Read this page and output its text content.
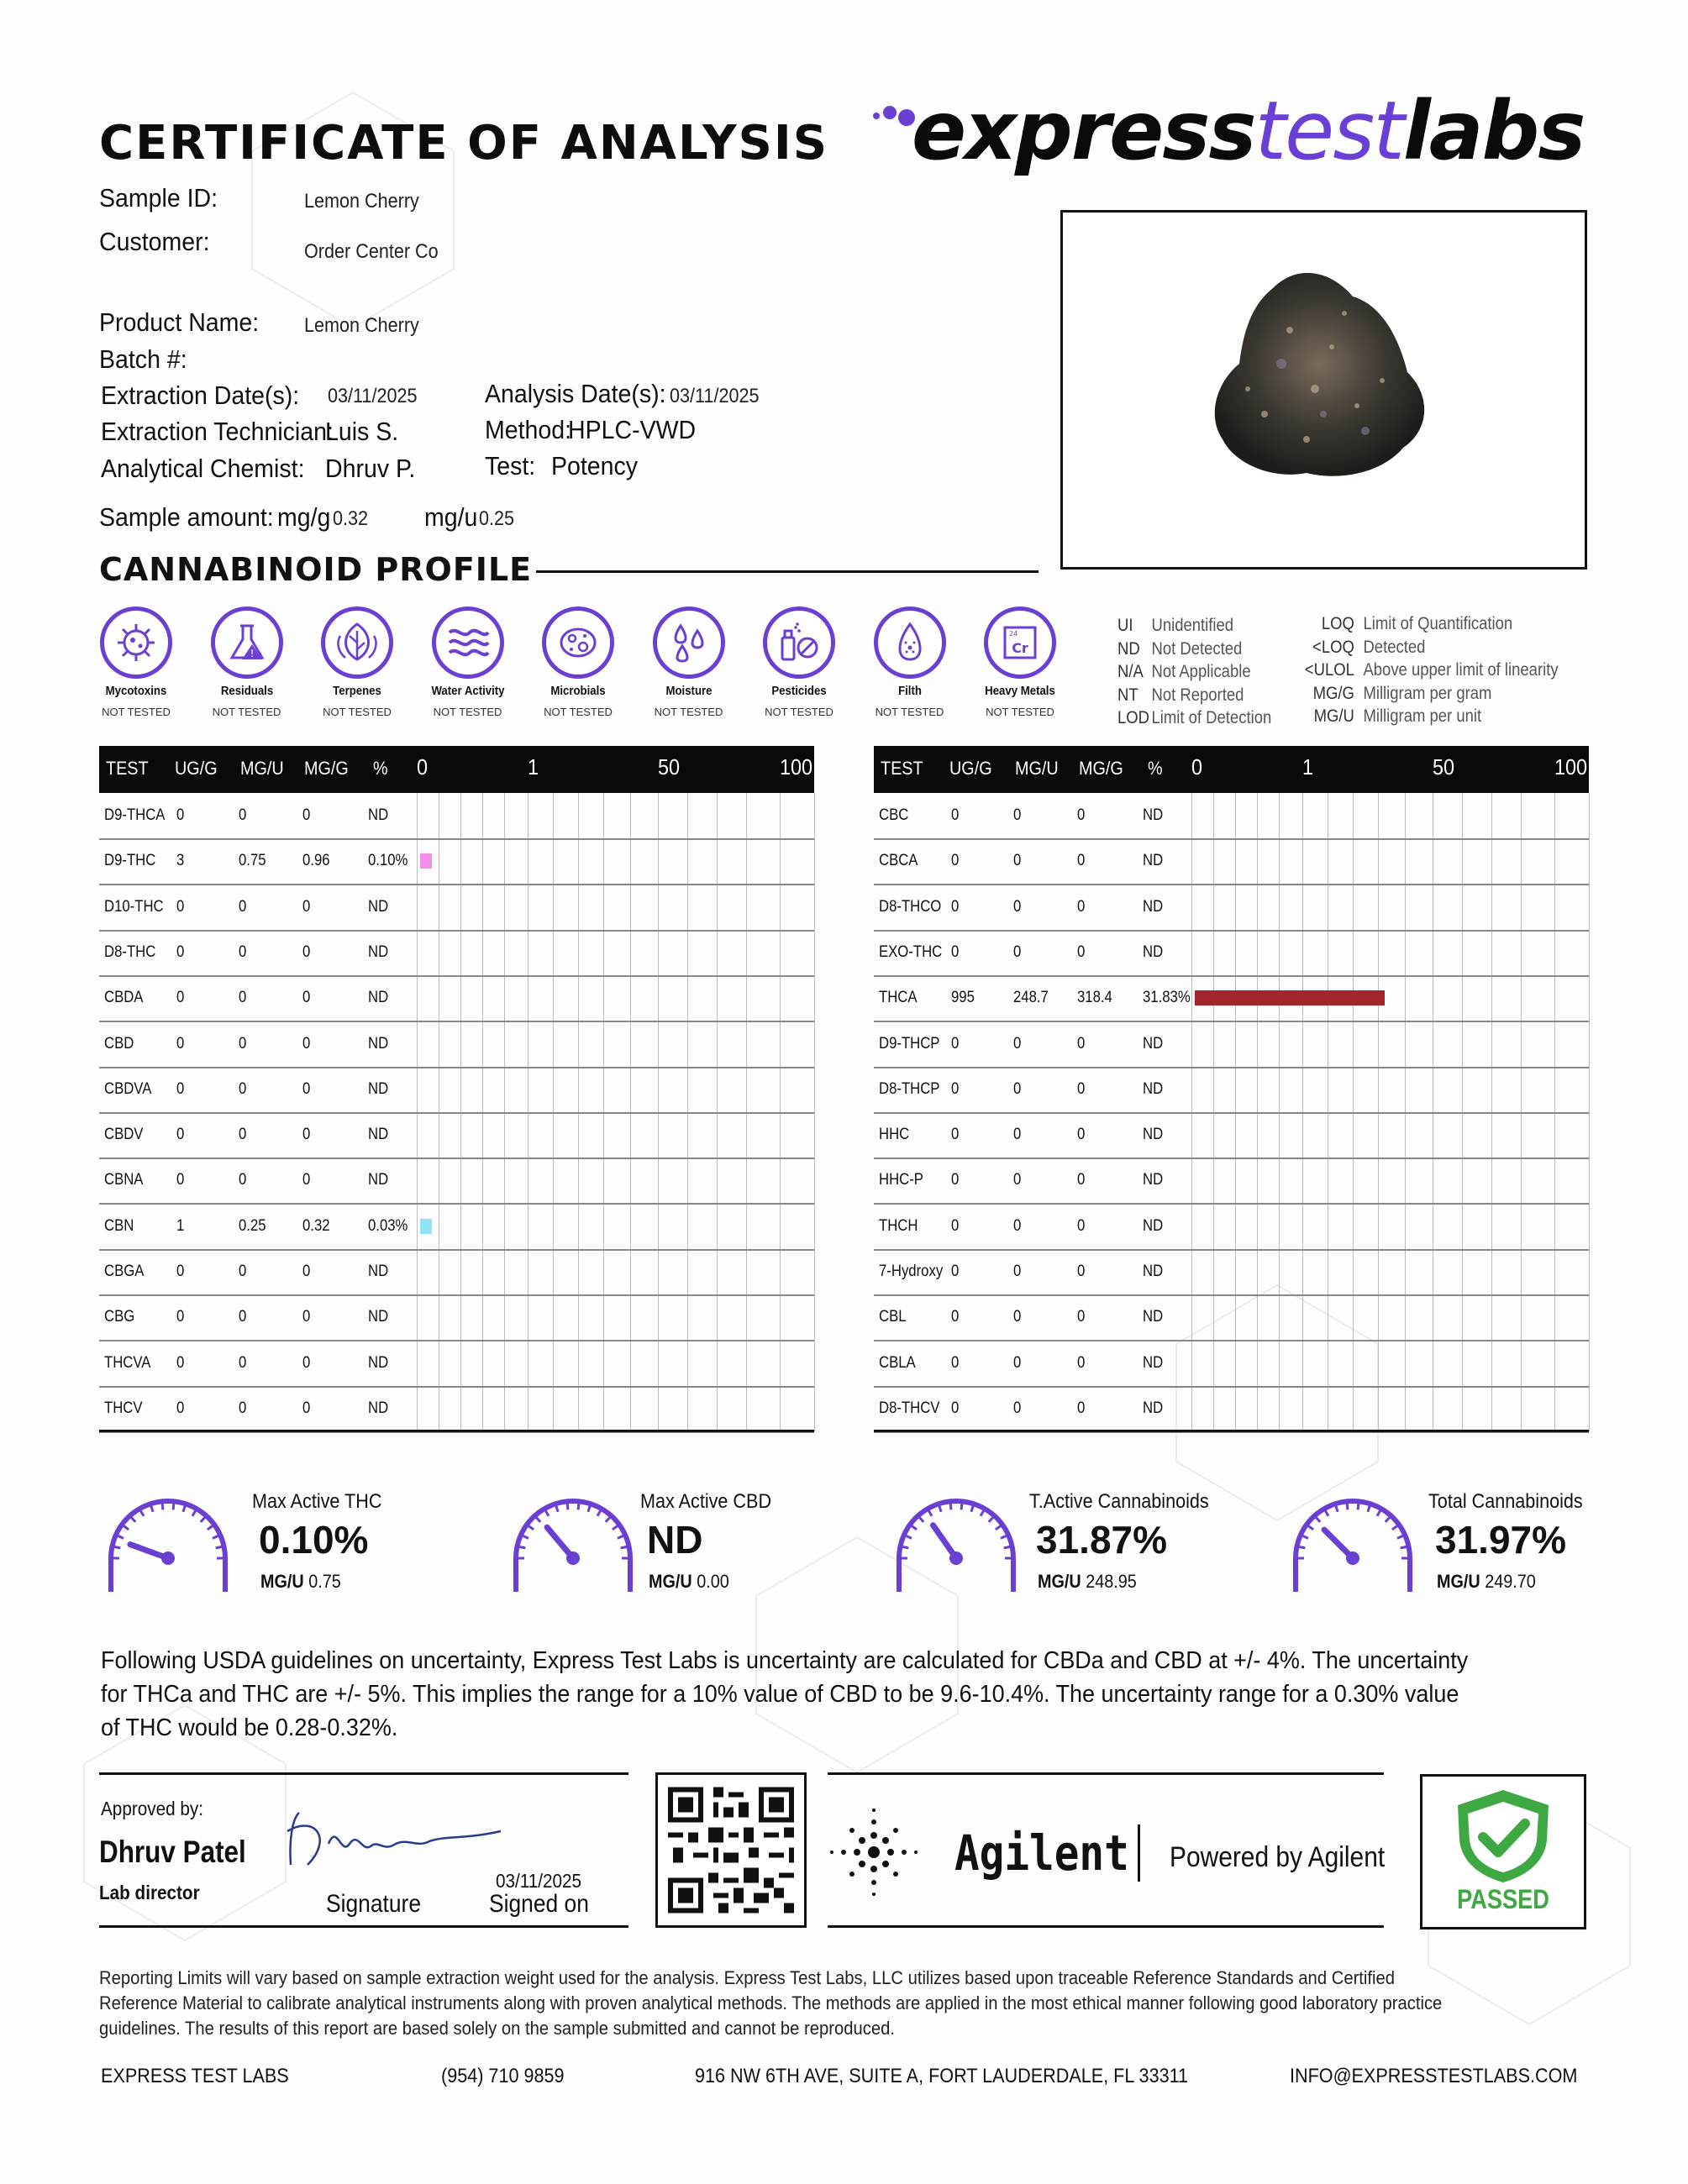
CERTIFICATE OF ANALYSIS expresstestlabs
Sample ID:	Lemon Cherry
Customer:	Order Center Co
Product Name: Lemon Cherry
Batch #:
Extraction Date(s): 03/11/2025	Analysis Date(s): 03/11/2025
Extraction Technician:
Luis S.	Method:
HPLC-VWD
Analytical Chemist: Dhruv P.	Test: Potency
Sample amount: mg/g 0.32 mg/u 0.25
CANNABINOID PROFILE
Mycotoxins
NOT TESTED
!
Residuals
NOT TESTED
Terpenes
NOT TESTED
Water Activity
NOT TESTED
Microbials
NOT TESTED
Moisture
NOT TESTED
Pesticides
NOT TESTED
Filth
NOT TESTED
24
Cr
Heavy Metals
NOT TESTED
UI Unidentified
ND Not Detected
N/A Not Applicable
NT Not Reported
LOD Limit of Detection
LOQ Limit of Quantification
<LOQ Detected
<ULOL Above upper limit of linearity
MG/G Milligram per gram
MG/U Milligram per unit
TEST UG/G MG/U MG/G % 0	1	50	100
D9-THCA 0	0	0	ND
D9-THC 3	0.75 0.96 0.10%
D10-THC 0	0	0	ND
D8-THC 0	0	0	ND
CBDA 0	0	0	ND
CBD	0	0	0	ND
CBDVA 0	0	0	ND
CBDV 0	0	0	ND
CBNA 0	0	0	ND
CBN	1	0.25 0.32 0.03%
CBGA 0	0	0	ND
CBG	0	0	0	ND
THCVA 0	0	0	ND
THCV 0	0	0	ND
TEST UG/G MG/U MG/G % 0	1	50	100
CBC	0	0	0	ND
CBCA 0	0	0	ND
D8-THCO 0	0	0	ND
EXO-THC 0	0	0	ND
THCA 995 248.7 318.4 31.83%
D9-THCP 0	0	0	ND
D8-THCP 0	0	0	ND
HHC	0	0	0	ND
HHC-P 0	0	0	ND
THCH 0	0	0	ND
7-Hydroxy 0	0	0	ND
CBL	0	0	0	ND
CBLA 0	0	0	ND
D8-THCV 0	0	0	ND
Max Active THC
0.10%
MG/U 0.75
Max Active CBD
ND
MG/U 0.00
T.Active Cannabinoids
31.87%
MG/U 248.95
Total Cannabinoids
31.97%
MG/U 249.70
Following USDA guidelines on uncertainty, Express Test Labs is uncertainty are calculated for CBDa and CBD at +/- 4%. The uncertainty for THCa and THC are +/- 5%. This implies the range for a 10% value of CBD to be 9.6-10.4%. The uncertainty range for a 0.30% value of THC would be 0.28-0.32%.
Approved by:
Dhruv Patel
Lab director	Signature
03/11/2025
Signed on
Agilent Powered by Agilent
PASSED
Reporting Limits will vary based on sample extraction weight used for the analysis. Express Test Labs, LLC utilizes based upon traceable Reference Standards and Certified Reference Material to calibrate analytical instruments along with proven analytical methods. The methods are applied in the most ethical manner following good laboratory practice guidelines. The results of this report are based solely on the sample submitted and cannot be reproduced.
EXPRESS TEST LABS	(954) 710 9859	916 NW 6TH AVE, SUITE A, FORT LAUDERDALE, FL 33311	INFO@EXPRESSTESTLABS.COM
